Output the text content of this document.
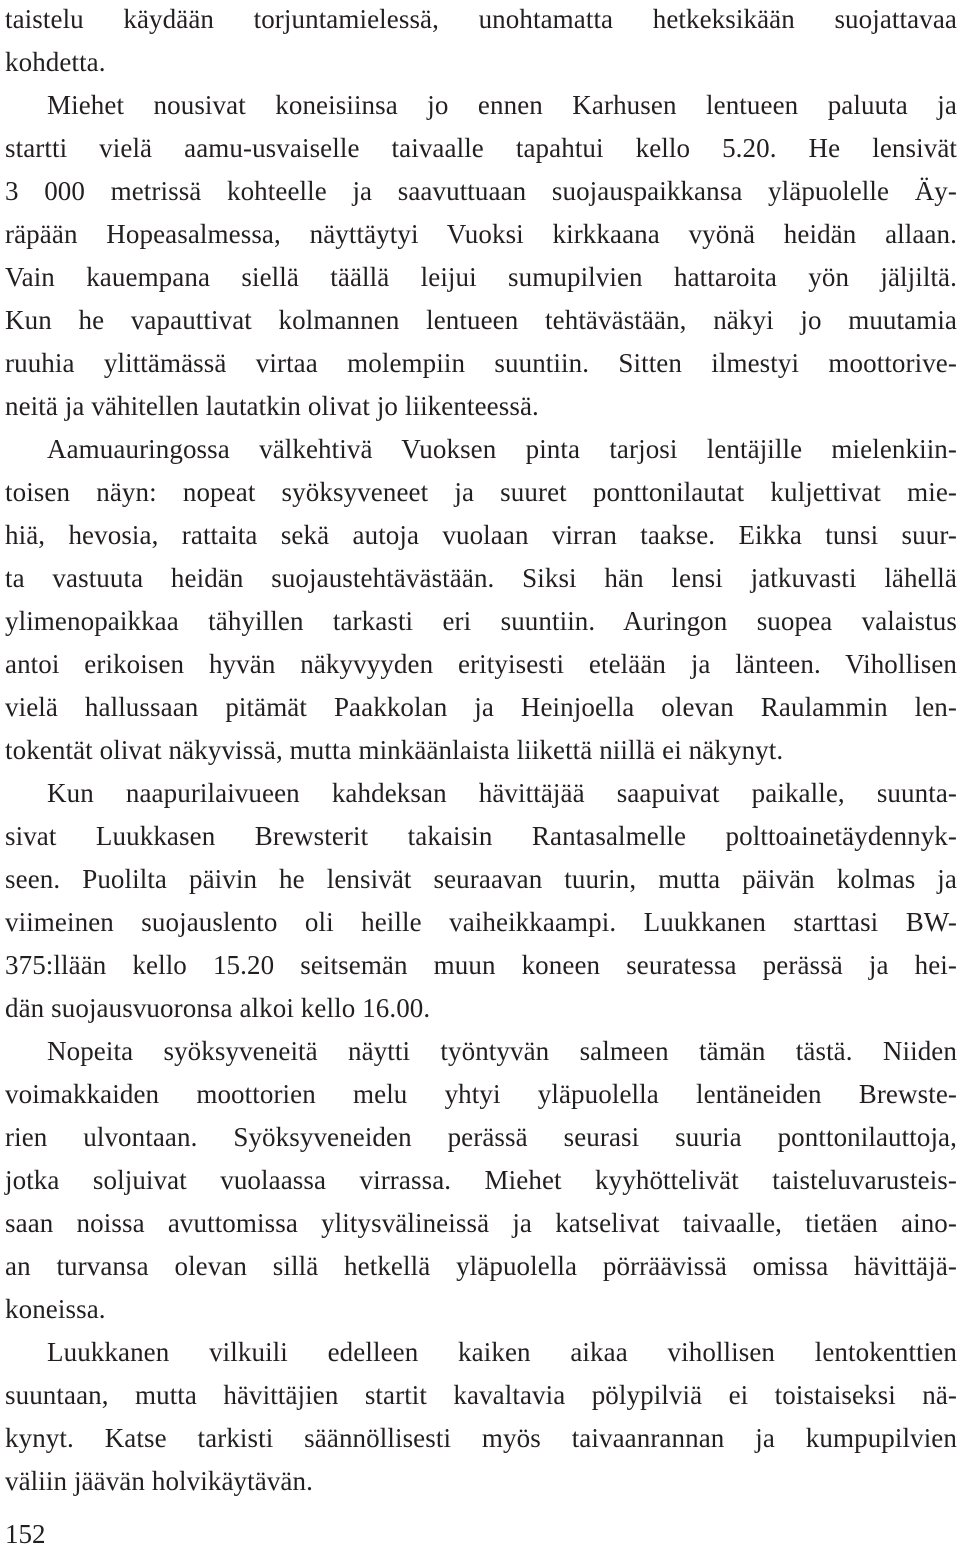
taistelu käydään torjuntamielessä, unohtamatta hetkeksikään suojattavaa
kohdetta.
Miehet nousivat koneisiinsa jo ennen Karhusen lentueen paluuta ja
startti vielä aamu-usvaiselle taivaalle tapahtui kello 5.20. He lensivät
3 000 metrissä kohteelle ja saavuttuaan suojauspaikkansa yläpuolelle Äy-
räpään Hopeasalmessa, näyttäytyi Vuoksi kirkkaana vyönä heidän allaan.
Vain kauempana siellä täällä leijui sumupilvien hattaroita yön jäljiltä.
Kun he vapauttivat kolmannen lentueen tehtävästään, näkyi jo muutamia
ruuhia ylittämässä virtaa molempiin suuntiin. Sitten ilmestyi moottorive-
neitä ja vähitellen lautatkin olivat jo liikenteessä.
Aamuauringossa välkehtivä Vuoksen pinta tarjosi lentäjille mielenkiin-
toisen näyn: nopeat syöksyveneet ja suuret ponttonilautat kuljettivat mie-
hiä, hevosia, rattaita sekä autoja vuolaan virran taakse. Eikka tunsi suur-
ta vastuuta heidän suojaustehtävästään. Siksi hän lensi jatkuvasti lähellä
ylimenopaikkaa tähyillen tarkasti eri suuntiin. Auringon suopea valaistus
antoi erikoisen hyvän näkyvyyden erityisesti etelään ja länteen. Vihollisen
vielä hallussaan pitämät Paakkolan ja Heinjoella olevan Raulammin len-
tokentät olivat näkyvissä, mutta minkäänlaista liikettä niillä ei näkynyt.
Kun naapurilaivueen kahdeksan hävittäjää saapuivat paikalle, suunta-
sivat Luukkasen Brewsterit takaisin Rantasalmelle polttoainetäydennyk-
seen. Puolilta päivin he lensivät seuraavan tuurin, mutta päivän kolmas ja
viimeinen suojauslento oli heille vaiheikkaampi. Luukkanen starttasi BW-
375:llään kello 15.20 seitsemän muun koneen seuratessa perässä ja hei-
dän suojausvuoronsa alkoi kello 16.00.
Nopeita syöksyveneitä näytti työntyvän salmeen tämän tästä. Niiden
voimakkaiden moottorien melu yhtyi yläpuolella lentäneiden Brewste-
rien ulvontaan. Syöksyveneiden perässä seurasi suuria ponttonilauttoja,
jotka soljuivat vuolaassa virrassa. Miehet kyyhöttelivät taisteluvarusteis-
saan noissa avuttomissa ylitysvälineissä ja katselivat taivaalle, tietäen aino-
an turvansa olevan sillä hetkellä yläpuolella pörräävissä omissa hävittäjä-
koneissa.
Luukkanen vilkuili edelleen kaiken aikaa vihollisen lentokenttien
suuntaan, mutta hävittäjien startit kavaltavia pölypilviä ei toistaiseksi nä-
kynyt. Katse tarkisti säännöllisesti myös taivaanrannan ja kumpupilvien
väliin jäävän holvikäytävän.
152
